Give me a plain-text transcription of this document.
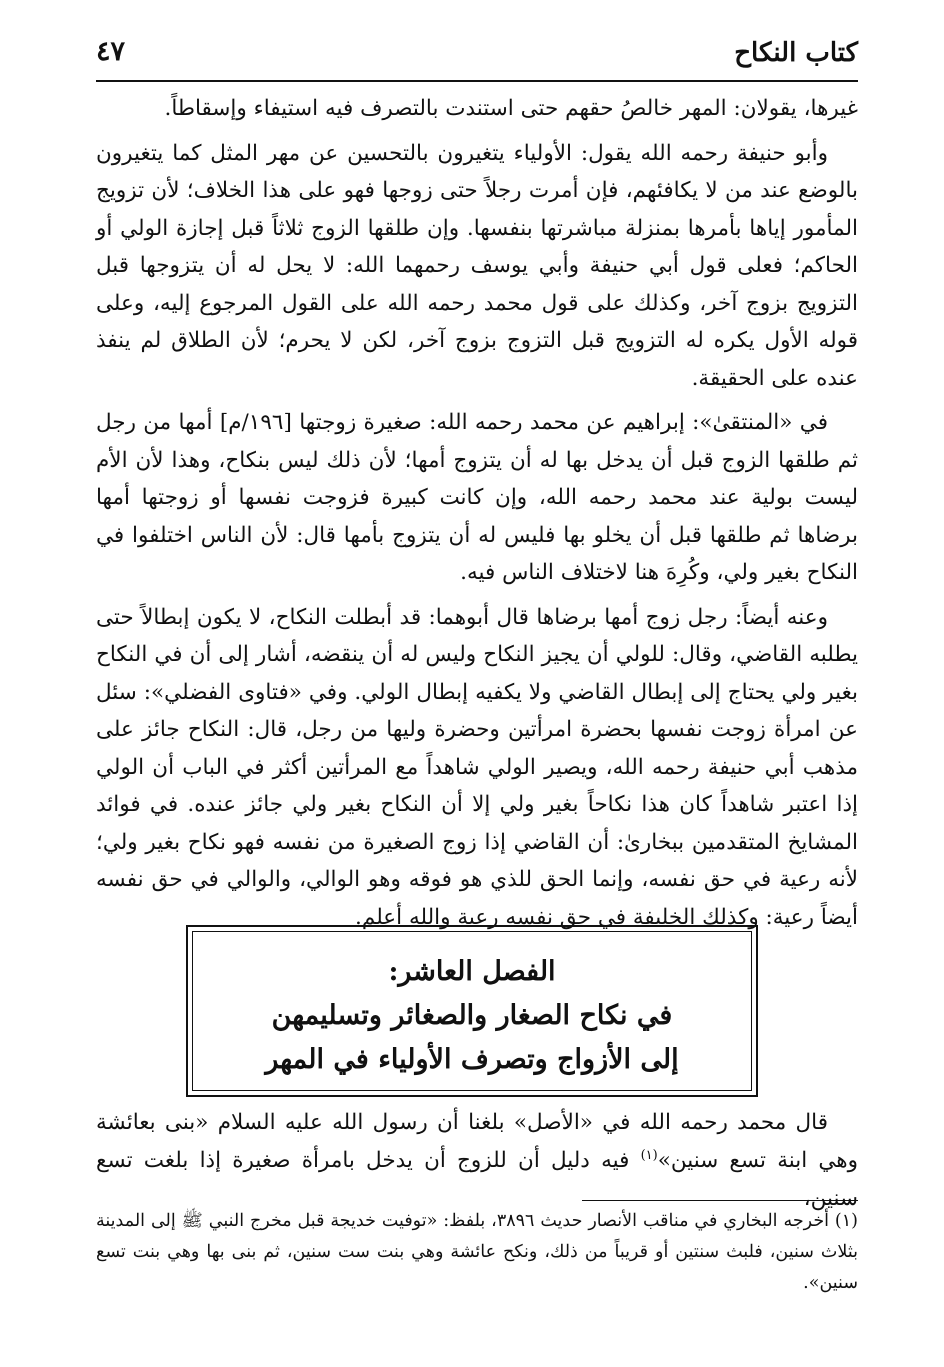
كتاب النكاح
٤٧

غيرها، يقولان: المهر خالصُ حقهم حتى استندت بالتصرف فيه استيفاء وإسقاطاً.

وأبو حنيفة رحمه الله يقول: الأولياء يتغيرون بالتحسين عن مهر المثل كما يتغيرون بالوضع عند من لا يكافئهم، فإن أمرت رجلاً حتى زوجها فهو على هذا الخلاف؛ لأن تزويج المأمور إياها بأمرها بمنزلة مباشرتها بنفسها. وإن طلقها الزوج ثلاثاً قبل إجازة الولي أو الحاكم؛ فعلى قول أبي حنيفة وأبي يوسف رحمهما الله: لا يحل له أن يتزوجها قبل التزويج بزوج آخر، وكذلك على قول محمد رحمه الله على القول المرجوع إليه، وعلى قوله الأول يكره له التزويج قبل التزوج بزوج آخر، لكن لا يحرم؛ لأن الطلاق لم ينفذ عنده على الحقيقة.

في «المنتقىٰ»: إبراهيم عن محمد رحمه الله: صغيرة زوجتها [١٩٦/م] أمها من رجل ثم طلقها الزوج قبل أن يدخل بها له أن يتزوج أمها؛ لأن ذلك ليس بنكاح، وهذا لأن الأم ليست بولية عند محمد رحمه الله، وإن كانت كبيرة فزوجت نفسها أو زوجتها أمها برضاها ثم طلقها قبل أن يخلو بها فليس له أن يتزوج بأمها قال: لأن الناس اختلفوا في النكاح بغير ولي، وكُرِهَ هنا لاختلاف الناس فيه.

وعنه أيضاً: رجل زوج أمها برضاها قال أبوهما: قد أبطلت النكاح، لا يكون إبطالاً حتى يطلبه القاضي، وقال: للولي أن يجيز النكاح وليس له أن ينقضه، أشار إلى أن في النكاح بغير ولي يحتاج إلى إبطال القاضي ولا يكفيه إبطال الولي. وفي «فتاوى الفضلي»: سئل عن امرأة زوجت نفسها بحضرة امرأتين وحضرة وليها من رجل، قال: النكاح جائز على مذهب أبي حنيفة رحمه الله، ويصير الولي شاهداً مع المرأتين أكثر في الباب أن الولي إذا اعتبر شاهداً كان هذا نكاحاً بغير ولي إلا أن النكاح بغير ولي جائز عنده. في فوائد المشايخ المتقدمين ببخارىٰ: أن القاضي إذا زوج الصغيرة من نفسه فهو نكاح بغير ولي؛ لأنه رعية في حق نفسه، وإنما الحق للذي هو فوقه وهو الوالي، والوالي في حق نفسه أيضاً رعية: وكذلك الخليفة في حق نفسه رعية والله أعلم.

الفصل العاشر:
في نكاح الصغار والصغائر وتسليمهن
إلى الأزواج وتصرف الأولياء في المهر

قال محمد رحمه الله في «الأصل» بلغنا أن رسول الله عليه السلام «بنى بعائشة وهي ابنة تسع سنين»$^{(١)}$ فيه دليل أن للزوج أن يدخل بامرأة صغيرة إذا بلغت تسع سنين،

(١) أخرجه البخاري في مناقب الأنصار حديث ٣٨٩٦، بلفظ: «توفيت خديجة قبل مخرج النبي ﷺ إلى المدينة بثلاث سنين، فلبث سنتين أو قريباً من ذلك، ونكح عائشة وهي بنت ست سنين، ثم بنى بها وهي بنت تسع سنين».
